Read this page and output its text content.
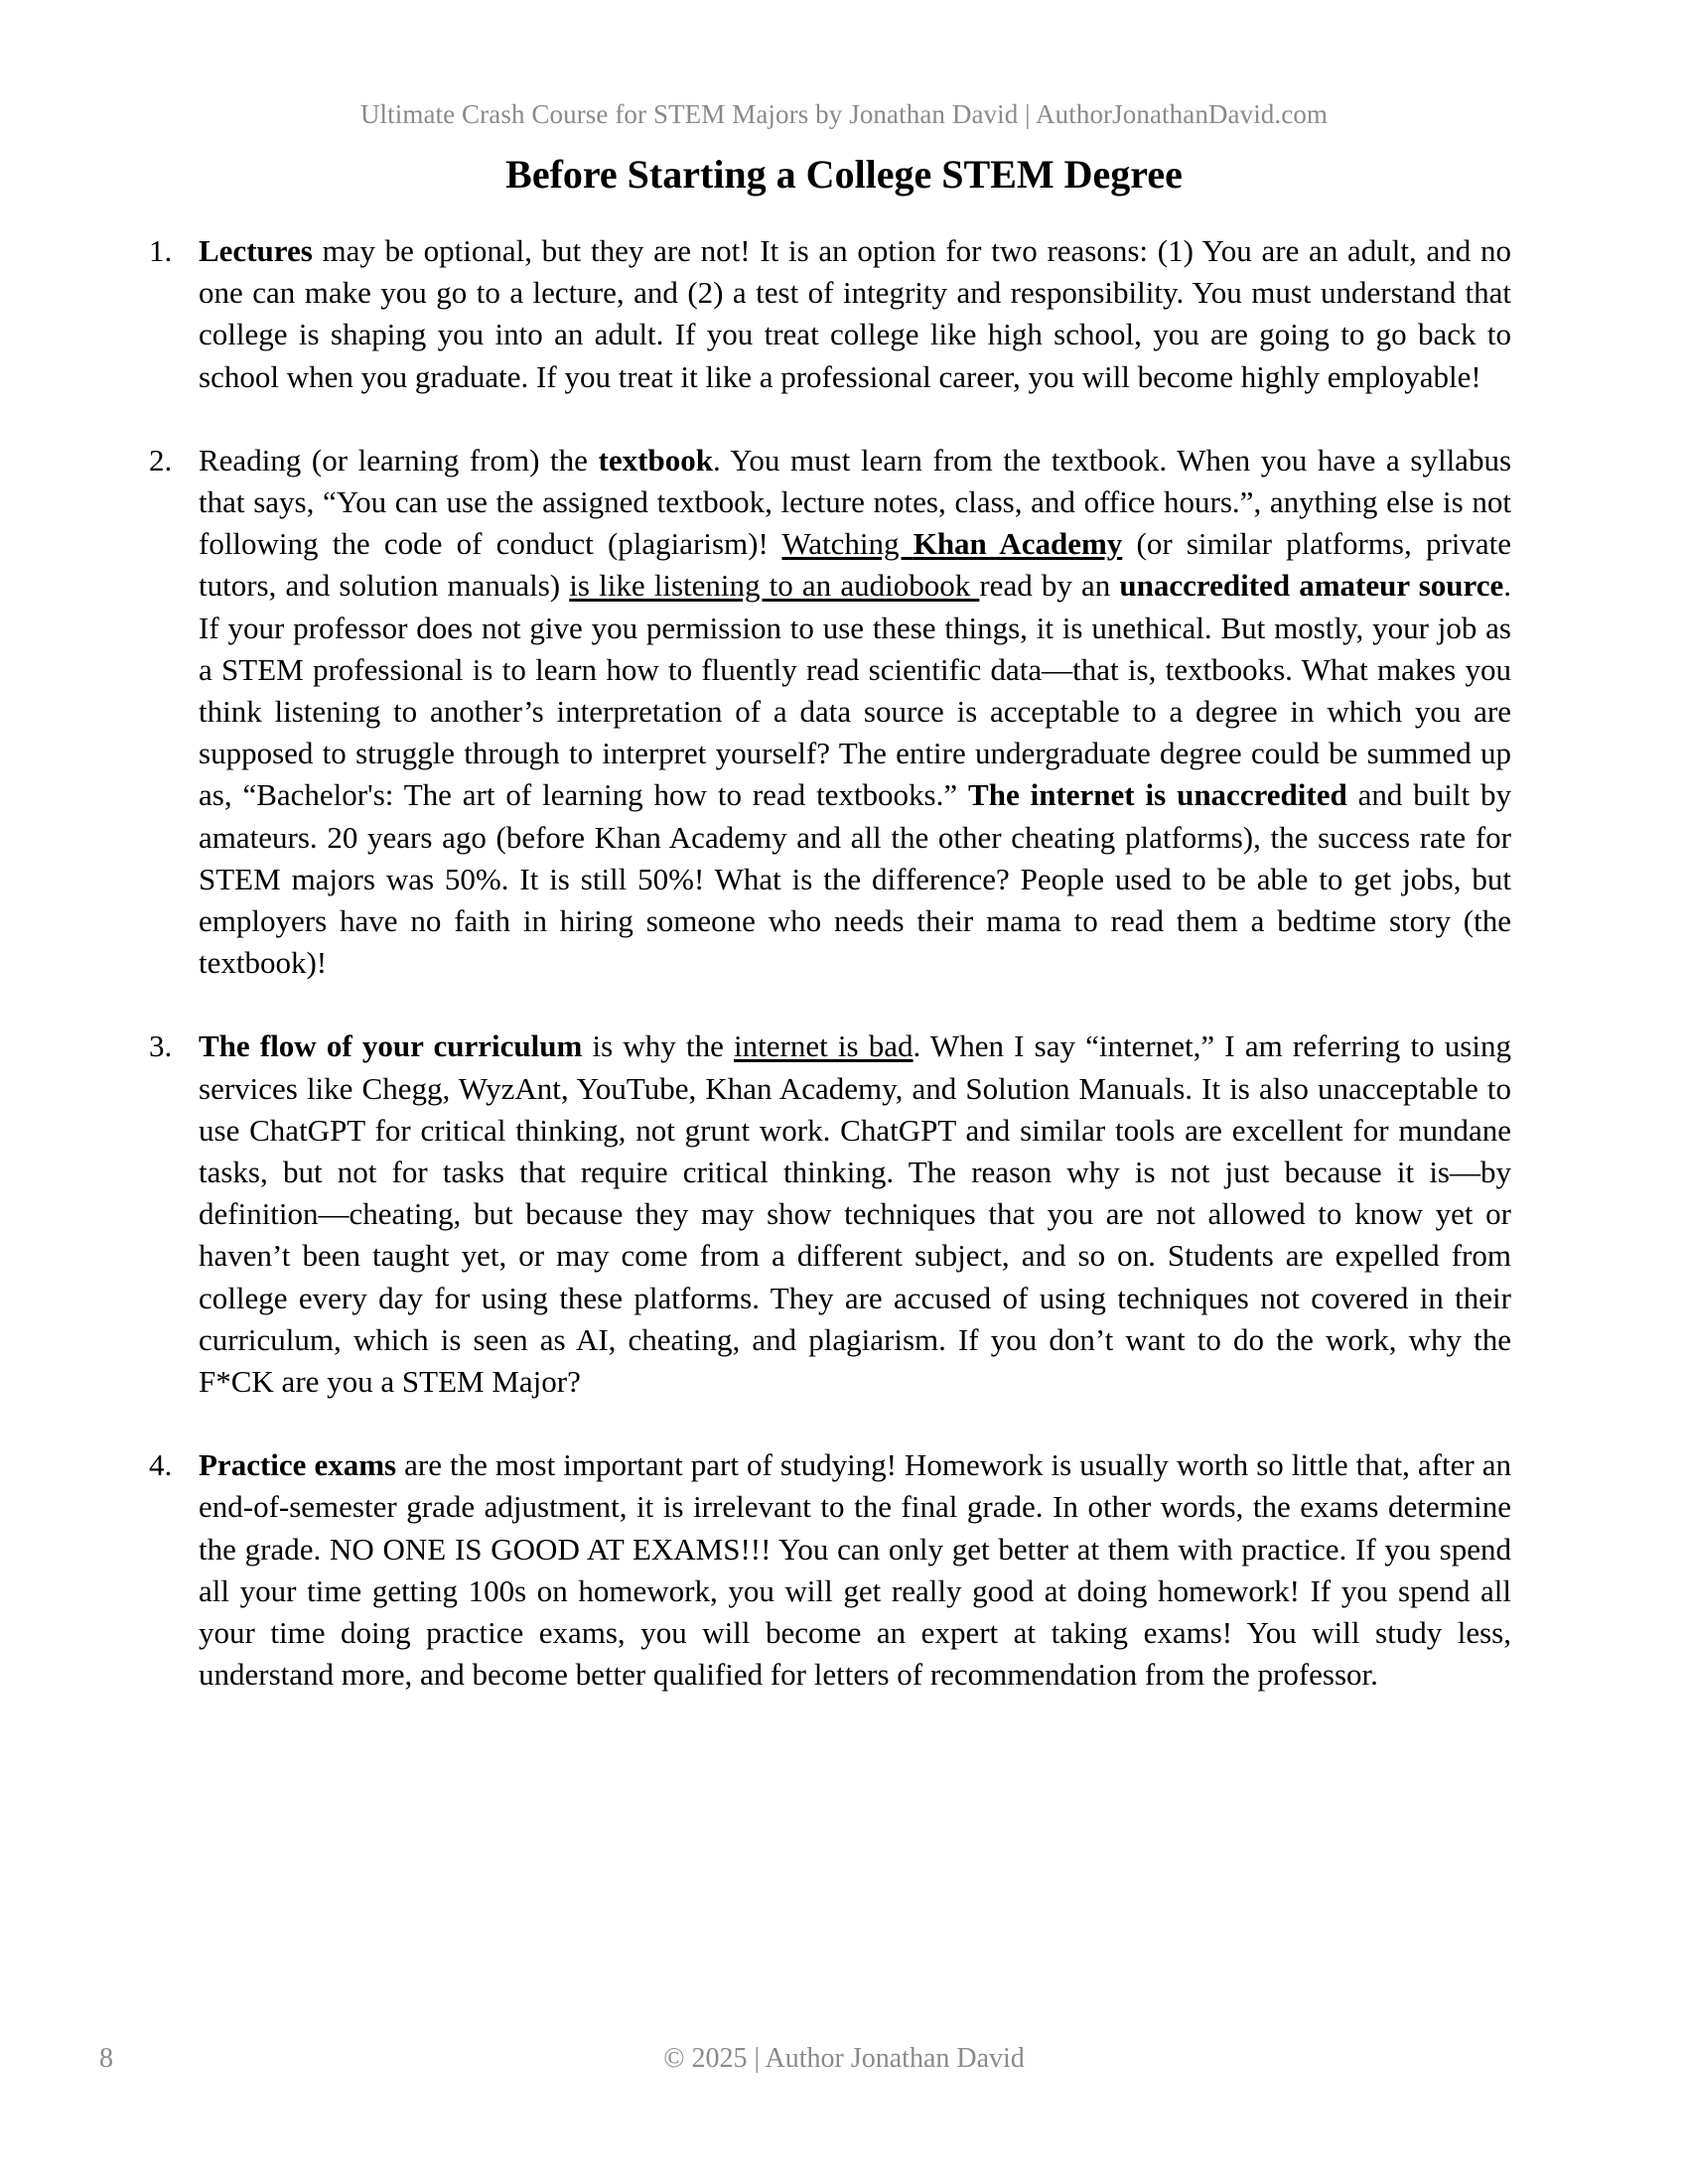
Ultimate Crash Course for STEM Majors by Jonathan David | AuthorJonathanDavid.com
Before Starting a College STEM Degree
1. Lectures may be optional, but they are not! It is an option for two reasons: (1) You are an adult, and no one can make you go to a lecture, and (2) a test of integrity and responsibility. You must understand that college is shaping you into an adult. If you treat college like high school, you are going to go back to school when you graduate. If you treat it like a professional career, you will become highly employable!
2. Reading (or learning from) the textbook. You must learn from the textbook. When you have a syllabus that says, “You can use the assigned textbook, lecture notes, class, and office hours.”, anything else is not following the code of conduct (plagiarism)! Watching Khan Academy (or similar platforms, private tutors, and solution manuals) is like listening to an audiobook read by an unaccredited amateur source. If your professor does not give you permission to use these things, it is unethical. But mostly, your job as a STEM professional is to learn how to fluently read scientific data—that is, textbooks. What makes you think listening to another’s interpretation of a data source is acceptable to a degree in which you are supposed to struggle through to interpret yourself? The entire undergraduate degree could be summed up as, “Bachelor's: The art of learning how to read textbooks.” The internet is unaccredited and built by amateurs. 20 years ago (before Khan Academy and all the other cheating platforms), the success rate for STEM majors was 50%. It is still 50%! What is the difference? People used to be able to get jobs, but employers have no faith in hiring someone who needs their mama to read them a bedtime story (the textbook)!
3. The flow of your curriculum is why the internet is bad. When I say “internet,” I am referring to using services like Chegg, WyzAnt, YouTube, Khan Academy, and Solution Manuals. It is also unacceptable to use ChatGPT for critical thinking, not grunt work. ChatGPT and similar tools are excellent for mundane tasks, but not for tasks that require critical thinking. The reason why is not just because it is—by definition—cheating, but because they may show techniques that you are not allowed to know yet or haven’t been taught yet, or may come from a different subject, and so on. Students are expelled from college every day for using these platforms. They are accused of using techniques not covered in their curriculum, which is seen as AI, cheating, and plagiarism. If you don’t want to do the work, why the F*CK are you a STEM Major?
4. Practice exams are the most important part of studying! Homework is usually worth so little that, after an end-of-semester grade adjustment, it is irrelevant to the final grade. In other words, the exams determine the grade. NO ONE IS GOOD AT EXAMS!!! You can only get better at them with practice. If you spend all your time getting 100s on homework, you will get really good at doing homework! If you spend all your time doing practice exams, you will become an expert at taking exams! You will study less, understand more, and become better qualified for letters of recommendation from the professor.
8	© 2025 | Author Jonathan David
